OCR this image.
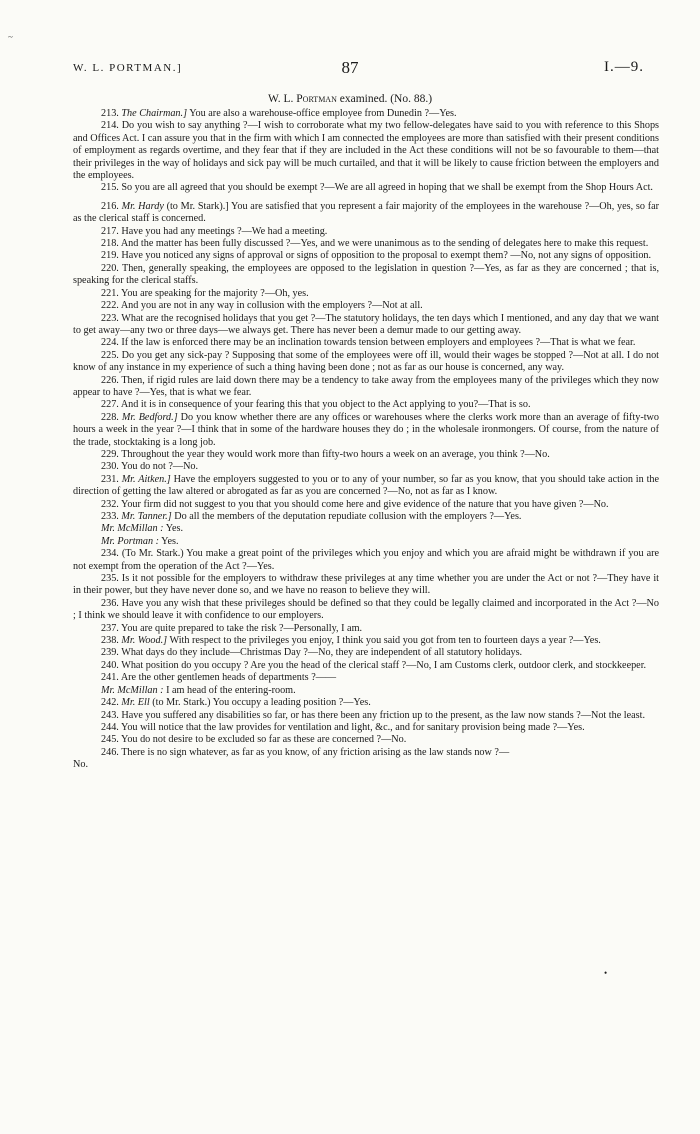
~
W. L. PORTMAN.]	87	I.—9.
W. L. Portman examined. (No. 88.)

213. The Chairman.] You are also a warehouse-office employee from Dunedin ?—Yes.

214. Do you wish to say anything ?—I wish to corroborate what my two fellow-delegates have said to you with reference to this Shops and Offices Act. I can assure you that in the firm with which I am connected the employees are more than satisfied with their present conditions of employment as regards overtime, and they fear that if they are included in the Act these conditions will not be so favourable to them—that their privileges in the way of holidays and sick pay will be much curtailed, and that it will be likely to cause friction between the employers and the employees.

215. So you are all agreed that you should be exempt ?—We are all agreed in hoping that we shall be exempt from the Shop Hours Act.

216. Mr. Hardy (to Mr. Stark).] You are satisfied that you represent a fair majority of the employees in the warehouse ?—Oh, yes, so far as the clerical staff is concerned.

217. Have you had any meetings ?—We had a meeting.

218. And the matter has been fully discussed ?—Yes, and we were unanimous as to the sending of delegates here to make this request.

219. Have you noticed any signs of approval or signs of opposition to the proposal to exempt them? —No, not any signs of opposition.

220. Then, generally speaking, the employees are opposed to the legislation in question ?—Yes, as far as they are concerned ; that is, speaking for the clerical staffs.

221. You are speaking for the majority ?—Oh, yes.

222. And you are not in any way in collusion with the employers ?—Not at all.

223. What are the recognised holidays that you get ?—The statutory holidays, the ten days which I mentioned, and any day that we want to get away—any two or three days—we always get. There has never been a demur made to our getting away.

224. If the law is enforced there may be an inclination towards tension between employers and employees ?—That is what we fear.

225. Do you get any sick-pay ? Supposing that some of the employees were off ill, would their wages be stopped ?—Not at all. I do not know of any instance in my experience of such a thing having been done ; not as far as our house is concerned, any way.

226. Then, if rigid rules are laid down there may be a tendency to take away from the employees many of the privileges which they now appear to have ?—Yes, that is what we fear.

227. And it is in consequence of your fearing this that you object to the Act applying to you?—That is so.

228. Mr. Bedford.] Do you know whether there are any offices or warehouses where the clerks work more than an average of fifty-two hours a week in the year ?—I think that in some of the hardware houses they do ; in the wholesale ironmongers. Of course, from the nature of the trade, stocktaking is a long job.

229. Throughout the year they would work more than fifty-two hours a week on an average, you think ?—No.

230. You do not ?—No.

231. Mr. Aitken.] Have the employers suggested to you or to any of your number, so far as you know, that you should take action in the direction of getting the law altered or abrogated as far as you are concerned ?—No, not as far as I know.

232. Your firm did not suggest to you that you should come here and give evidence of the nature that you have given ?—No.

233. Mr. Tanner.] Do all the members of the deputation repudiate collusion with the employers ?—Yes.

Mr. McMillan : Yes.

Mr. Portman : Yes.

234. (To Mr. Stark.) You make a great point of the privileges which you enjoy and which you are afraid might be withdrawn if you are not exempt from the operation of the Act ?—Yes.

235. Is it not possible for the employers to withdraw these privileges at any time whether you are under the Act or not ?—They have it in their power, but they have never done so, and we have no reason to believe they will.

236. Have you any wish that these privileges should be defined so that they could be legally claimed and incorporated in the Act ?—No ; I think we should leave it with confidence to our employers.

237. You are quite prepared to take the risk ?—Personally, I am.

238. Mr. Wood.] With respect to the privileges you enjoy, I think you said you got from ten to fourteen days a year ?—Yes.

239. What days do they include—Christmas Day ?—No, they are independent of all statutory holidays.

240. What position do you occupy ? Are you the head of the clerical staff ?—No, I am Customs clerk, outdoor clerk, and stockkeeper.

241. Are the other gentlemen heads of departments ?——

Mr. McMillan : I am head of the entering-room.

242. Mr. Ell (to Mr. Stark.) You occupy a leading position ?—Yes.

243. Have you suffered any disabilities so far, or has there been any friction up to the present, as the law now stands ?—Not the least.

244. You will notice that the law provides for ventilation and light, &c., and for sanitary provision being made ?—Yes.

245. You do not desire to be excluded so far as these are concerned ?—No.

246. There is no sign whatever, as far as you know, of any friction arising as the law stands now ?—

No.

•
